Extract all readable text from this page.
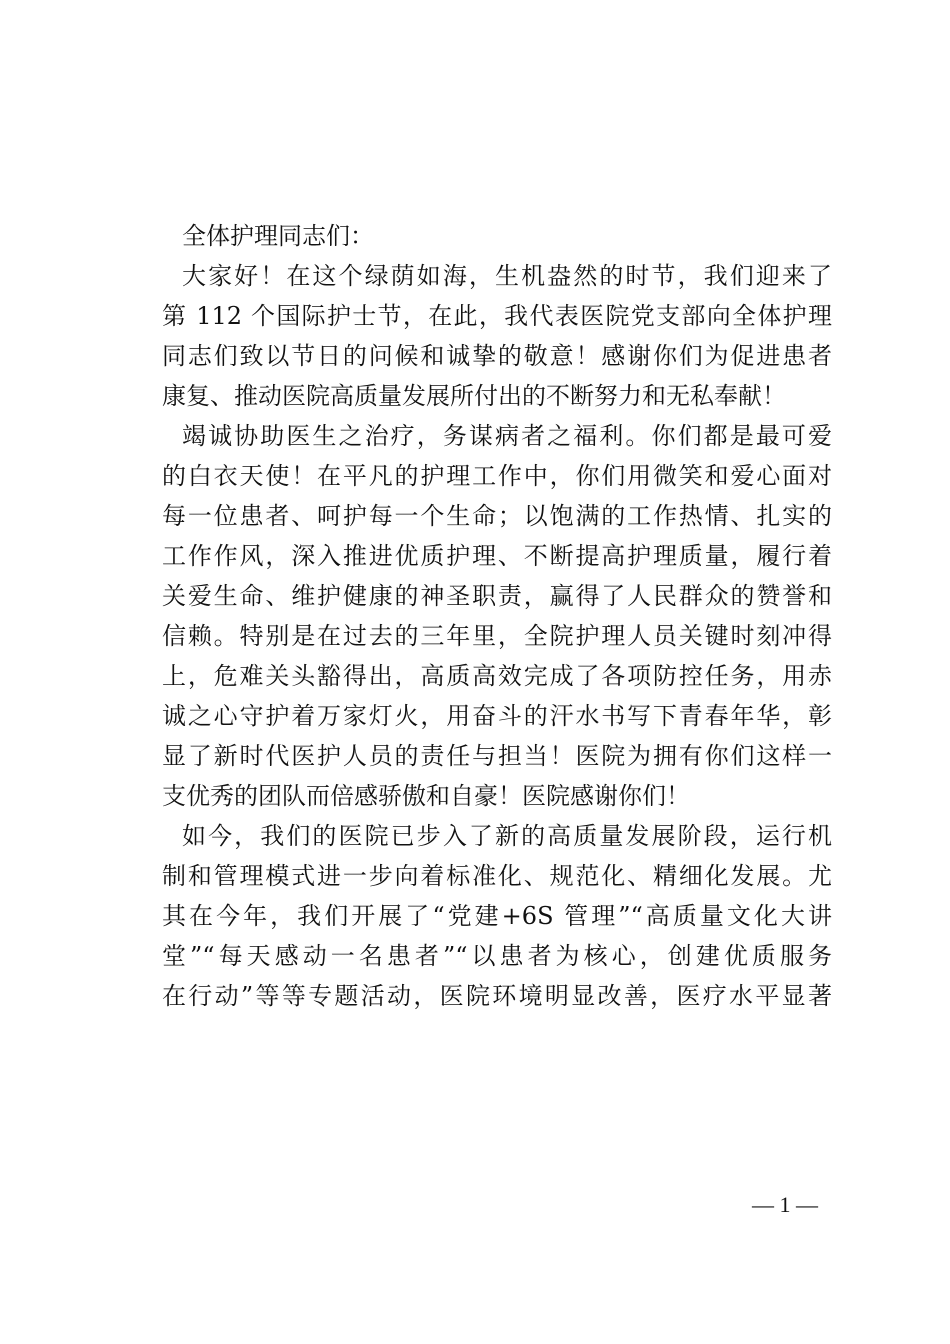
全体护理同志们：
大家好！在这个绿荫如海，生机盎然的时节，我们迎来了
第 112 个国际护士节，在此，我代表医院党支部向全体护理
同志们致以节日的问候和诚挚的敬意！感谢你们为促进患者
康复、推动医院高质量发展所付出的不断努力和无私奉献！
竭诚协助医生之治疗，务谋病者之福利。你们都是最可爱
的白衣天使！在平凡的护理工作中，你们用微笑和爱心面对
每一位患者、呵护每一个生命；以饱满的工作热情、扎实的
工作作风，深入推进优质护理、不断提高护理质量，履行着
关爱生命、维护健康的神圣职责，赢得了人民群众的赞誉和
信赖。特别是在过去的三年里，全院护理人员关键时刻冲得
上，危难关头豁得出，高质高效完成了各项防控任务，用赤
诚之心守护着万家灯火，用奋斗的汗水书写下青春年华，彰
显了新时代医护人员的责任与担当！医院为拥有你们这样一
支优秀的团队而倍感骄傲和自豪！医院感谢你们！
如今，我们的医院已步入了新的高质量发展阶段，运行机
制和管理模式进一步向着标准化、规范化、精细化发展。尤
其在今年，我们开展了“党建+6S 管理”“高质量文化大讲
堂”“每天感动一名患者”“以患者为核心，创建优质服务
在行动”等等专题活动，医院环境明显改善，医疗水平显著
— 1 —
